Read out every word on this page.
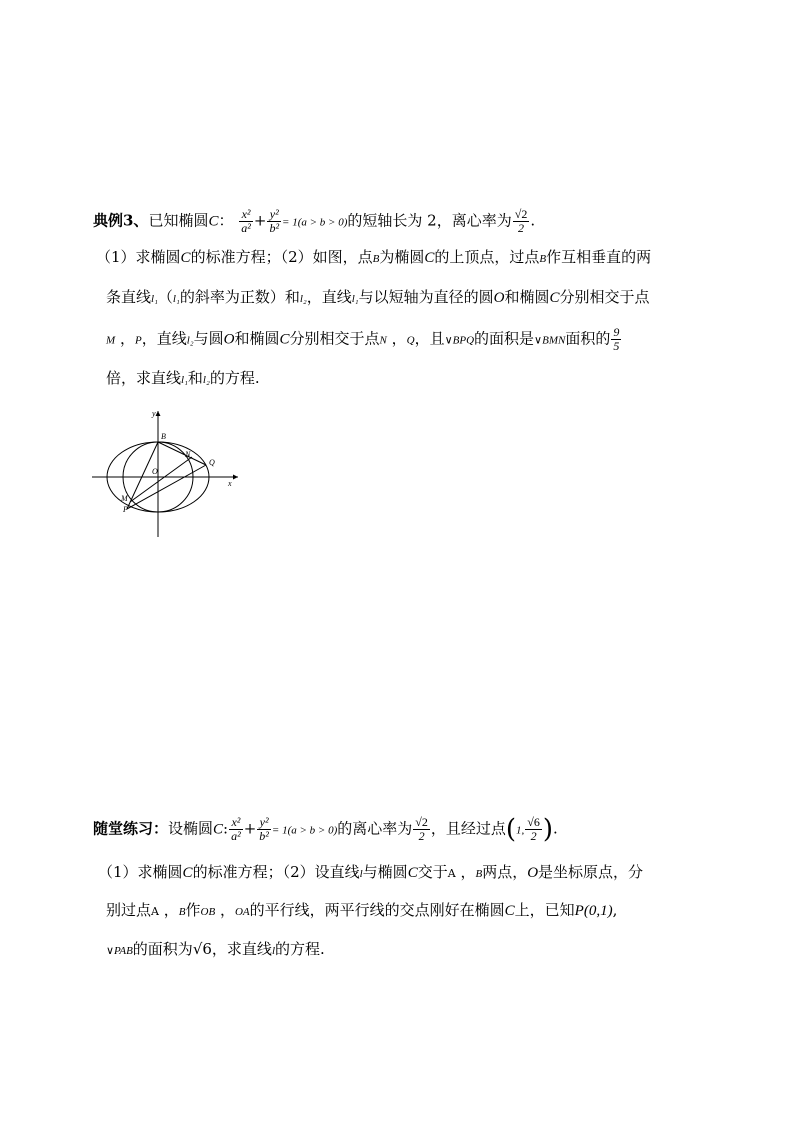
典例3、已知椭圆C： $\frac{\text{x²}}{\text{a²}} + \frac{\text{y²}}{\text{b²}} = 1(a > b > 0)$的短轴长为 2，离心率为 $\frac{√2}{2}$ .
（1）求椭圆C的标准方程；（2）如图，点B为椭圆C的上顶点，过点B作互相垂直的两
条直线l₁（l₁的斜率为正数）和l₂，直线l₁与以短轴为直径的圆O和椭圆C分别相交于点
M ，P，直线l₂与圆O和椭圆C分别相交于点N ，Q，且∨BPQ的面积是∨BMN面积的 $\frac{9}{5}$
倍，求直线l₁和l₂的方程.
y
x
O
B
N
Q
M
P
随堂练习：设椭圆C: $\frac{\text{x²}}{\text{a²}} + \frac{\text{y²}}{\text{b²}} = 1(a > b > 0)$的离心率为 $\frac{√2}{2}$ ，且经过点(1, $\frac{√6}{2}$ ).
（1）求椭圆C的标准方程；（2）设直线l与椭圆C交于A ，B两点，O是坐标原点，分
别过点A ，B作OB ，OA的平行线，两平行线的交点刚好在椭圆C上，已知P(0,1),
∨PAB的面积为√6，求直线l的方程.
